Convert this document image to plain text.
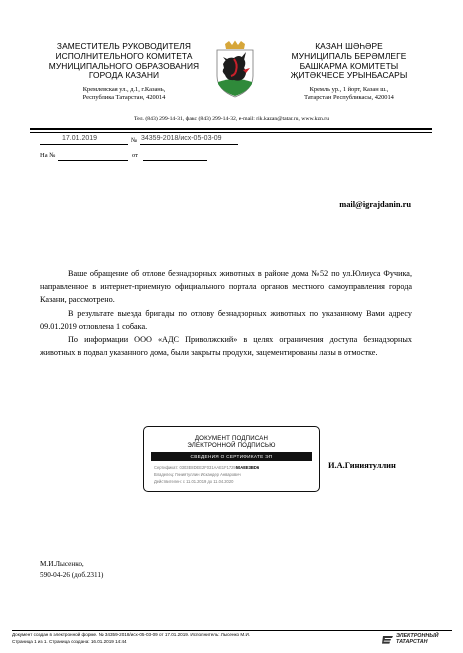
ЗАМЕСТИТЕЛЬ РУКОВОДИТЕЛЯ
ИСПОЛНИТЕЛЬНОГО КОМИТЕТА
МУНИЦИПАЛЬНОГО ОБРАЗОВАНИЯ
ГОРОДА КАЗАНИ
Кремлевская ул., д.1, г.Казань,
Республика Татарстан, 420014
КАЗАН ШӘҺӘРЕ
МУНИЦИПАЛЬ БЕРӘМЛЕГЕ
БАШКАРМА КОМИТЕТЫ
ҖИТӘКЧЕСЕ УРЫНБАСАРЫ
Кремль ур., 1 йорт, Казан ш.,
Татарстан Республикасы, 420014
Тел. (843) 299-14-31, факс (843) 299-14-32, e-mail: rik.kazan@tatar.ru, www.kzn.ru
17.01.2019	№ 34359-2018/исх-05-03-09
На №	от
mail@igrajdanin.ru

Ваше обращение об отлове безнадзорных животных в районе дома №52 по ул.Юлиуса Фучика, направленное в интернет-приемную официального портала органов местного самоуправления города Казани, рассмотрено.

В результате выезда бригады по отлову безнадзорных животных по указанному Вами адресу 09.01.2019 отловлена 1 собака.

По информации ООО «АДС Приволжский» в целях ограничения доступа безнадзорных животных в подвал указанного дома, были закрыты продухи, зацементированы лазы в отмостке.

ДОКУМЕНТ ПОДПИСАН
ЭЛЕКТРОННОЙ ПОДПИСЬЮ
СВЕДЕНИЯ О СЕРТИФИКАТЕ ЭП
Сертификат: 0303E8DEE2F031AAE1F172950AEE3BD6
Владелец: Гиниятуллин Искандер Анварович
Действителен: с 11.01.2019 до 11.04.2020
И.А.Гиниятуллин
М.И.Лысенко,
590-04-26 (доб.2311)
Документ создан в электронной форме. № 34359-2018/исх-05-03-09 от 17.01.2019. Исполнитель: Лысенко М.И.
Страница 1 из 1. Страница создана: 16.01.2019 14:44
ЭЛЕКТРОННЫЙ
ТАТАРСТАН
